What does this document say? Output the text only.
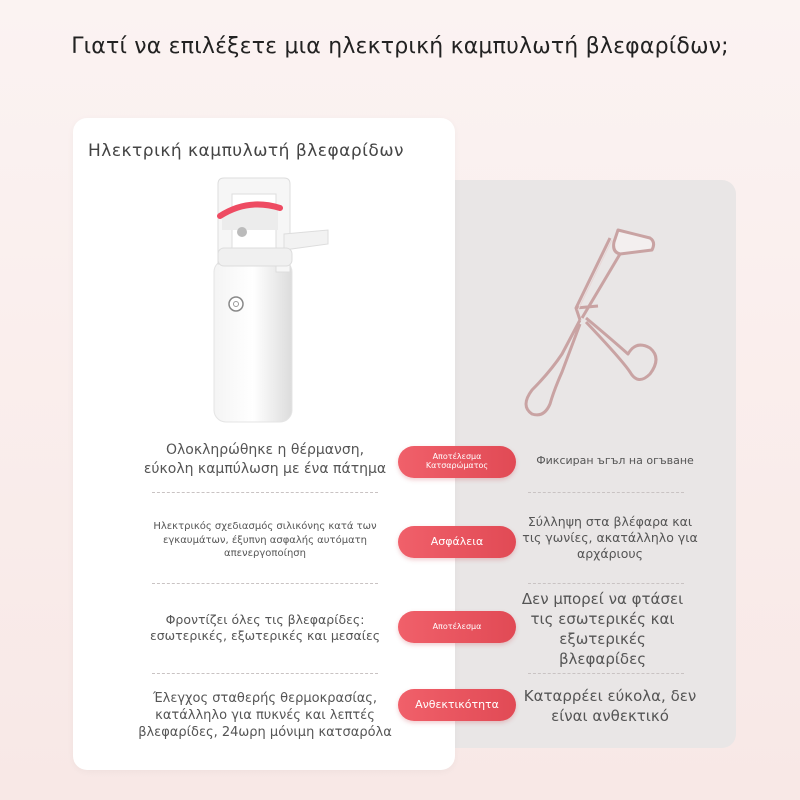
Γιατί να επιλέξετε μια ηλεκτρική καμπυλωτή βλεφαρίδων;
Ηλεκτρική καμπυλωτή βλεφαρίδων
Ολοκληρώθηκε η θέρμανση, εύκολη καμπύλωση με ένα πάτημα
Αποτέλεσμα Κατσαρώματος	Фиксиран ъгъл на огъване
Ηλεκτρικός σχεδιασμός σιλικόνης κατά των εγκαυμάτων, έξυπνη ασφαλής αυτόματη απενεργοποίηση
Ασφάλεια
Σύλληψη στα βλέφαρα και τις γωνίες, ακατάλληλο για αρχάριους
Φροντίζει όλες τις βλεφαρίδες: εσωτερικές, εξωτερικές και μεσαίες
Αποτέλεσμα
Δεν μπορεί να φτάσει τις εσωτερικές και εξωτερικές βλεφαρίδες
Έλεγχος σταθερής θερμοκρασίας, κατάλληλο για πυκνές και λεπτές βλεφαρίδες, 24ωρη μόνιμη κατσαρόλα
Ανθεκτικότητα	Καταρρέει εύκολα, δεν είναι ανθεκτικό
